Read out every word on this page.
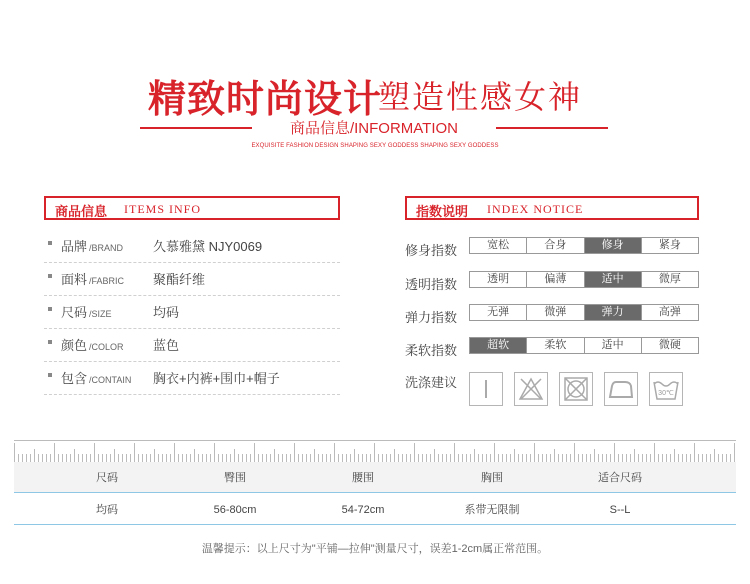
精致时尚设计
塑造性感女神
商品信息/INFORMATION
EXQUISITE FASHION DESIGN SHAPING SEXY GODDESS SHAPING SEXY GODDESS
商品信息 ITEMS INFO
品牌 /BRAND 久慕雅黛 NJY0069
面料 /FABRIC 聚酯纤维
尺码 /SIZE	均码
颜色 /COLOR 蓝色
包含 /CONTAIN 胸衣+内裤+围巾+帽子
指数说明 INDEX NOTICE
修身指数	宽松	合身	修身	紧身
透明指数	透明	偏薄	适中	微厚
弹力指数	无弹	微弹	弹力	高弹
柔软指数	超软	柔软	适中	微硬
洗涤建议
30℃
尺码	臀围	腰围	胸围	适合尺码
均码	56-80cm	54-72cm	系带无限制	S--L
温馨提示：以上尺寸为"平铺—拉伸"测量尺寸，误差1-2cm属正常范围。
